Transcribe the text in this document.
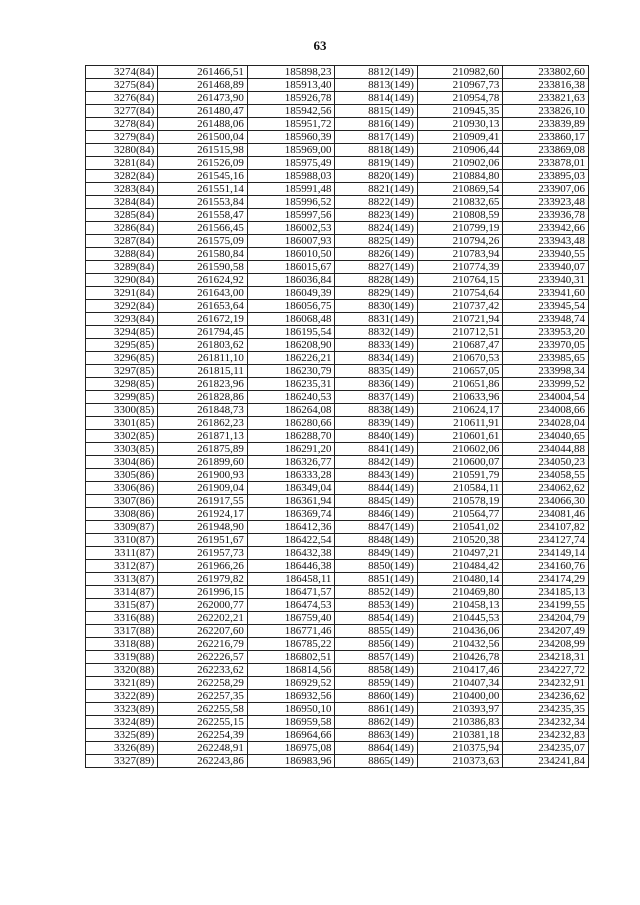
63
3274(84)	261466,51	185898,23	8812(149)	210982,60	233802,60
3275(84)	261468,89	185913,40	8813(149)	210967,73	233816,38
3276(84)	261473,90	185926,78	8814(149)	210954,78	233821,63
3277(84)	261480,47	185942,56	8815(149)	210945,35	233826,10
3278(84)	261488,06	185951,72	8816(149)	210930,13	233839,89
3279(84)	261500,04	185960,39	8817(149)	210909,41	233860,17
3280(84)	261515,98	185969,00	8818(149)	210906,44	233869,08
3281(84)	261526,09	185975,49	8819(149)	210902,06	233878,01
3282(84)	261545,16	185988,03	8820(149)	210884,80	233895,03
3283(84)	261551,14	185991,48	8821(149)	210869,54	233907,06
3284(84)	261553,84	185996,52	8822(149)	210832,65	233923,48
3285(84)	261558,47	185997,56	8823(149)	210808,59	233936,78
3286(84)	261566,45	186002,53	8824(149)	210799,19	233942,66
3287(84)	261575,09	186007,93	8825(149)	210794,26	233943,48
3288(84)	261580,84	186010,50	8826(149)	210783,94	233940,55
3289(84)	261590,58	186015,67	8827(149)	210774,39	233940,07
3290(84)	261624,92	186036,84	8828(149)	210764,15	233940,31
3291(84)	261643,00	186049,39	8829(149)	210754,64	233941,60
3292(84)	261653,64	186056,75	8830(149)	210737,42	233945,54
3293(84)	261672,19	186068,48	8831(149)	210721,94	233948,74
3294(85)	261794,45	186195,54	8832(149)	210712,51	233953,20
3295(85)	261803,62	186208,90	8833(149)	210687,47	233970,05
3296(85)	261811,10	186226,21	8834(149)	210670,53	233985,65
3297(85)	261815,11	186230,79	8835(149)	210657,05	233998,34
3298(85)	261823,96	186235,31	8836(149)	210651,86	233999,52
3299(85)	261828,86	186240,53	8837(149)	210633,96	234004,54
3300(85)	261848,73	186264,08	8838(149)	210624,17	234008,66
3301(85)	261862,23	186280,66	8839(149)	210611,91	234028,04
3302(85)	261871,13	186288,70	8840(149)	210601,61	234040,65
3303(85)	261875,89	186291,20	8841(149)	210602,06	234044,88
3304(86)	261899,60	186326,77	8842(149)	210600,07	234050,23
3305(86)	261900,93	186333,28	8843(149)	210591,79	234058,55
3306(86)	261909,04	186349,04	8844(149)	210584,11	234062,62
3307(86)	261917,55	186361,94	8845(149)	210578,19	234066,30
3308(86)	261924,17	186369,74	8846(149)	210564,77	234081,46
3309(87)	261948,90	186412,36	8847(149)	210541,02	234107,82
3310(87)	261951,67	186422,54	8848(149)	210520,38	234127,74
3311(87)	261957,73	186432,38	8849(149)	210497,21	234149,14
3312(87)	261966,26	186446,38	8850(149)	210484,42	234160,76
3313(87)	261979,82	186458,11	8851(149)	210480,14	234174,29
3314(87)	261996,15	186471,57	8852(149)	210469,80	234185,13
3315(87)	262000,77	186474,53	8853(149)	210458,13	234199,55
3316(88)	262202,21	186759,40	8854(149)	210445,53	234204,79
3317(88)	262207,60	186771,46	8855(149)	210436,06	234207,49
3318(88)	262216,79	186785,22	8856(149)	210432,56	234208,99
3319(88)	262226,57	186802,51	8857(149)	210426,78	234218,31
3320(88)	262233,62	186814,56	8858(149)	210417,46	234227,72
3321(89)	262258,29	186929,52	8859(149)	210407,34	234232,91
3322(89)	262257,35	186932,56	8860(149)	210400,00	234236,62
3323(89)	262255,58	186950,10	8861(149)	210393,97	234235,35
3324(89)	262255,15	186959,58	8862(149)	210386,83	234232,34
3325(89)	262254,39	186964,66	8863(149)	210381,18	234232,83
3326(89)	262248,91	186975,08	8864(149)	210375,94	234235,07
3327(89)	262243,86	186983,96	8865(149)	210373,63	234241,84
